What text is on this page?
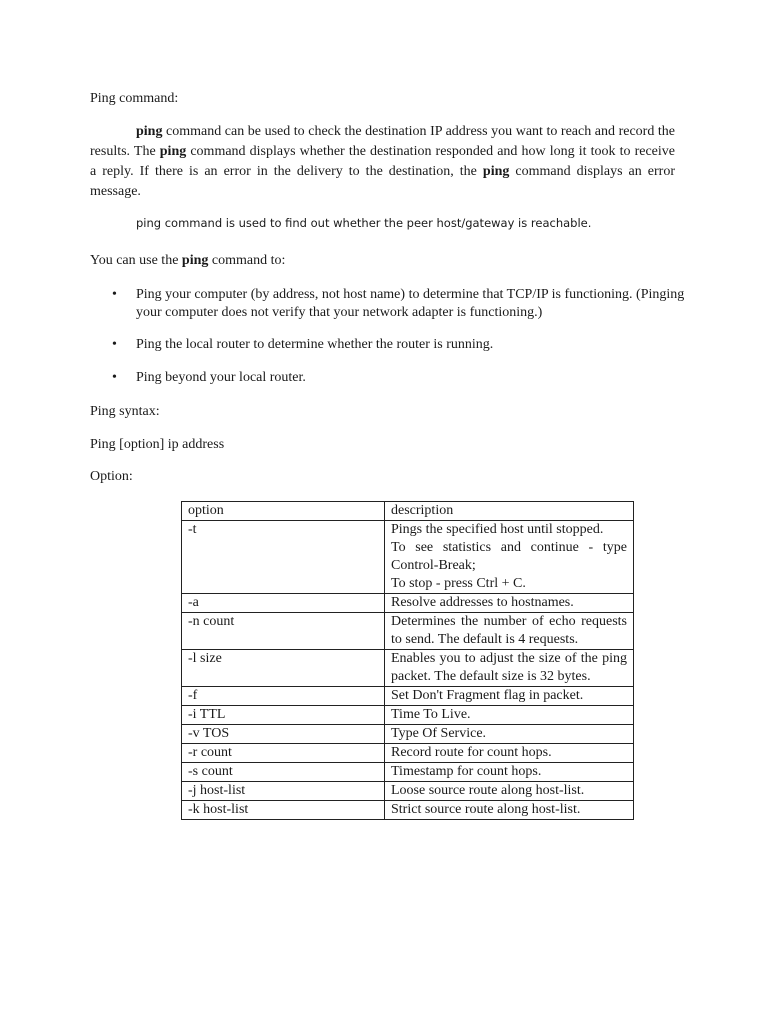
Ping command:
ping command can be used to check the destination IP address you want to reach and record the results. The ping command displays whether the destination responded and how long it took to receive a reply. If there is an error in the delivery to the destination, the ping command displays an error message.
ping command is used to find out whether the peer host/gateway is reachable.
You can use the ping command to:
• Ping your computer (by address, not host name) to determine that TCP/IP is functioning. (Pinging your computer does not verify that your network adapter is functioning.)
• Ping the local router to determine whether the router is running.
• Ping beyond your local router.
Ping syntax:
Ping [option] ip address
Option:
option	description
-t	Pings the specified host until stopped.
To see statistics and continue - type Control-Break;
To stop - press Ctrl + C.

-a	Resolve addresses to hostnames.

-n count	Determines the number of echo requests to send. The default is 4 requests.

-l size	Enables you to adjust the size of the ping packet. The default size is 32 bytes.

-f	Set Don't Fragment flag in packet.

-i TTL	Time To Live.

-v TOS	Type Of Service.

-r count	Record route for count hops.

-s count	Timestamp for count hops.

-j host-list	Loose source route along host-list.

-k host-list	Strict source route along host-list.
